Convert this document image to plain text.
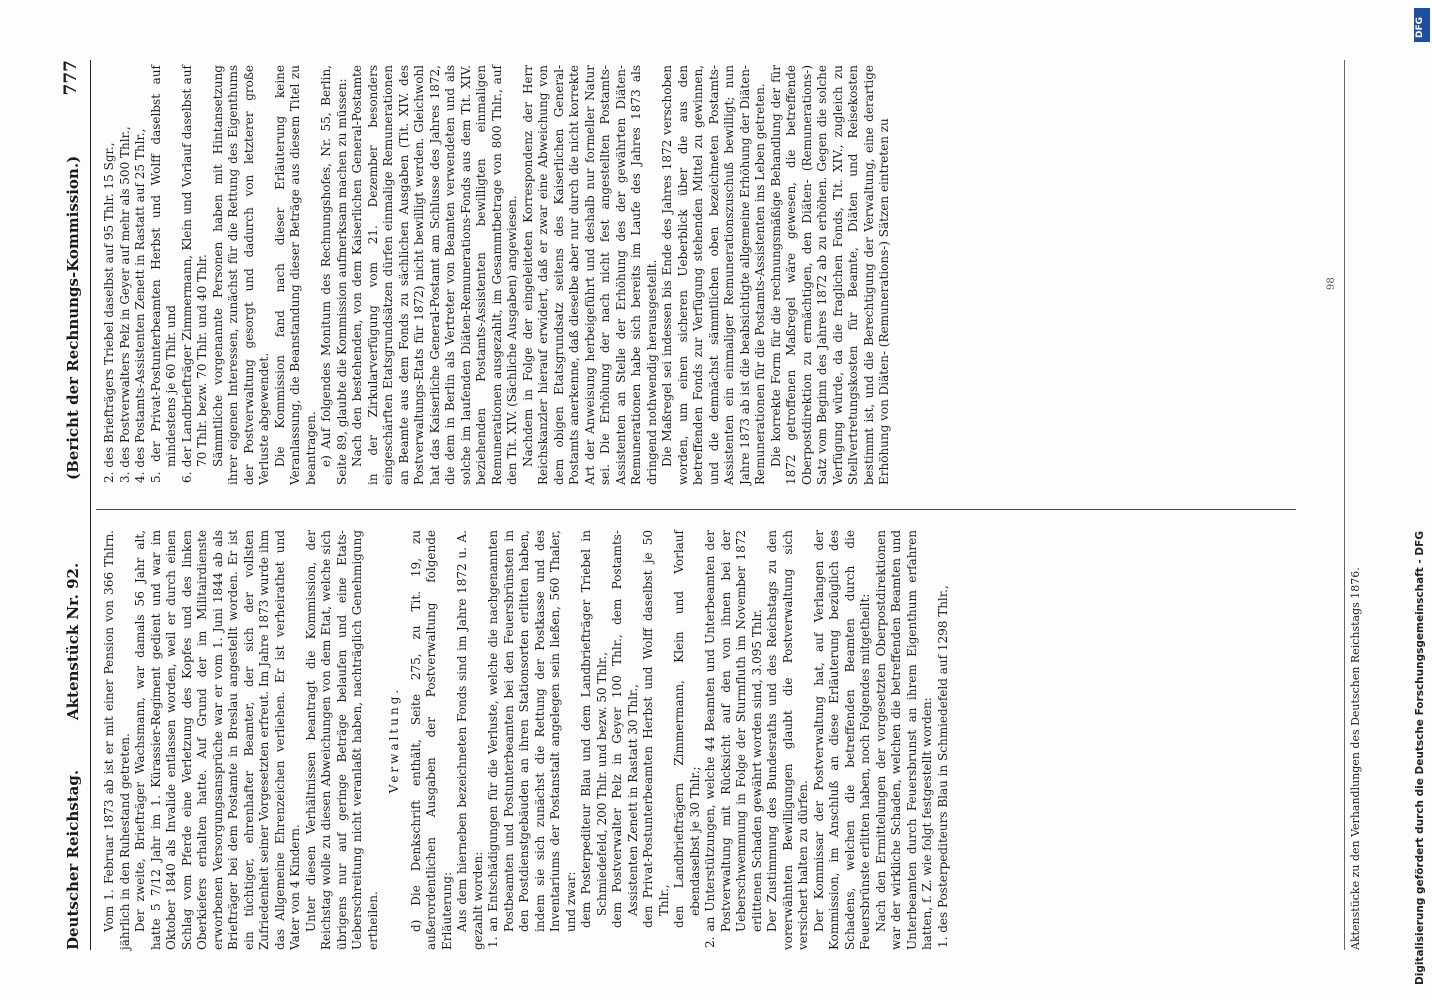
Deutscher Reichstag.
Aktenstück Nr. 92.
(Bericht der Rechnungs-Kommission.)
777

Vom 1. Februar 1873 ab ist er mit einer Pension von 366 Thlrn. jährlich in den Ruhestand getreten. Der zweite, Briefträger Wachsmann, war damals 56 Jahr alt, hatte 5 7/12 Jahr im 1. Kürassier-Regiment gedient und war im Oktober 1840 als Invalide entlassen worden, weil er durch einen Schlag vom Pferde eine Verletzung des Kopfes und des linken Oberkiefers erhalten hatte. Auf Grund der im Militairdienste erworbenen Versorgungsansprüche war er vom 1. Juni 1844 ab als Briefträger bei dem Postamte in Breslau angestellt worden. Er ist ein tüchtiger, ehrenhafter Beamter, der sich der vollsten Zufriedenheit seiner Vorgesetzten erfreut. Im Jahre 1873 wurde ihm das Allgemeine Ehrenzeichen verliehen. Er ist verheirathet und Vater von 4 Kindern. Unter diesen Verhältnissen beantragt die Kommission, der Reichstag wolle zu diesen Abweichungen von dem Etat, welche sich übrigens nur auf geringe Beträge belaufen und eine Etats-Ueberschreitung nicht veranlaßt haben, nachträglich Genehmigung ertheilen.

Verwaltung. d) Die Denkschrift enthält, Seite 275, zu Tit. 19, zu außerordentlichen Ausgaben der Postverwaltung folgende Erläuterung: Aus dem hierneben bezeichneten Fonds sind im Jahre 1872 u. A. gezahlt worden: 1. an Entschädigungen für die Verluste, welche die nachgenannten Postbeamten und Postunterbeamten bei den Feuersbrünsten in den Postdienstgebäuden an ihren Stationsorten erlitten haben, indem sie sich zunächst die Rettung der Postkasse und des Inventariums der Postanstalt angelegen sein ließen, 560 Thaler, und zwar: dem Posterpediteur Blau und dem Landbriefträger Triebel in Schmiedefeld, 200 Thlr. und bezw. 50 Thlr., dem Postverwalter Pelz in Geyer 100 Thlr., dem Postamts-Assistenten Zenett in Rastatt 30 Thlr., den Privat-Postunterbeamten Herbst und Wolff daselbst je 50 Thlr., den Landbriefträgern Zimmermann, Klein und Vorlauf ebendaselbst je 30 Thlr.; 2. an Unterstützungen, welche 44 Beamten und Unterbeamten der Postverwaltung mit Rücksicht auf den von ihnen bei der Ueberschwemmung in Folge der Sturmfluth im November 1872 erlittenen Schaden gewährt worden sind, 3.095 Thlr. Der Zustimmung des Bundesraths und des Reichstags zu den vorerwähnten Bewilligungen glaubt die Postverwaltung sich versichert halten zu dürfen. Der Kommissar der Postverwaltung hat, auf Verlangen der Kommission, im Anschluß an diese Erläuterung bezüglich des Schadens, welchen die betreffenden Beamten durch die Feuersbrünste erlitten haben, noch Folgendes mitgetheilt: Nach den Ermittelungen der vorgesetzten Oberpostdirektionen war der wirkliche Schaden, welchen die betreffenden Beamten und Unterbeamten durch Feuersbrunst an ihrem Eigenthum erfahren hatten, f. Z. wie folgt festgestellt worden: 1. des Posterpediteurs Blau in Schmiedefeld auf 1298 Thlr.,

2. des Briefträgers Triebel daselbst auf 95 Thlr. 15 Sgr., 3. des Postverwalters Pelz in Geyer auf mehr als 500 Thlr., 4. des Postamts-Assistenten Zenett in Rastatt auf 25 Thlr., 5. der Privat-Postunterbeamten Herbst und Wolff daselbst auf mindestens je 60 Thlr. und 6. der Landbriefträger Zimmermann, Klein und Vorlauf daselbst auf 70 Thlr. bezw. 70 Thlr. und 40 Thlr. Sämmtliche vorgenannte Personen haben mit Hintansetzung ihrer eigenen Interessen, zunächst für die Rettung des Eigenthums der Postverwaltung gesorgt und dadurch von letzterer große Verluste abgewendet. Die Kommission fand nach dieser Erläuterung keine Veranlassung, die Beanstandung dieser Beträge aus diesem Titel zu beantragen. e) Auf folgendes Monitum des Rechnungshofes, Nr. 55, Berlin, Seite 89, glaubte die Kommission aufmerksam machen zu müssen: Nach den bestehenden, von dem Kaiserlichen General-Postamte in der Zirkularverfügung vom 21. Dezember besonders eingeschärften Etatsgrundsätzen dürfen einmalige Remunerationen an Beamte aus dem Fonds zu sächlichen Ausgaben (Tit. XIV. des Postverwaltungs-Etats für 1872) nicht bewilligt werden. Gleichwohl hat das Kaiserliche General-Postamt am Schlusse des Jahres 1872, die dem in Berlin als Vertreter von Beamten verwendeten und als solche im laufenden Diäten-Remunerations-Fonds aus dem Tit. XIV. beziehenden Postamts-Assistenten bewilligten einmaligen Remunerationen ausgezahlt, im Gesammtbetrage von 800 Thlr., auf den Tit. XIV. (Sächliche Ausgaben) angewiesen. Nachdem in Folge der eingeleiteten Korrespondenz der Herr Reichskanzler hierauf erwidert, daß er zwar eine Abweichung von dem obigen Etatsgrundsatz seitens des Kaiserlichen General-Postamts anerkenne, daß dieselbe aber nur durch die nicht korrekte Art der Anweisung herbeigeführt und deshalb nur formeller Natur sei. Die Erhöhung der nach nicht fest angestellten Postamts-Assistenten an Stelle der Erhöhung des der gewährten Diäten-Remunerationen habe sich bereits im Laufe des Jahres 1873 als dringend nothwendig herausgestellt. Die Maßregel sei indessen bis Ende des Jahres 1872 verschoben worden, um einen sicheren Ueberblick über die aus den betreffenden Fonds zur Verfügung stehenden Mittel zu gewinnen, und die demnächst sämmtlichen oben bezeichneten Postamts-Assistenten ein einmaliger Remunerationszuschuß bewilligt; nun Jahre 1873 ab ist die beabsichtigte allgemeine Erhöhung der Diäten-Remunerationen für die Postamts-Assistenten ins Leben getreten. Die korrekte Form für die rechnungsmäßige Behandlung der für 1872 getroffenen Maßregel wäre gewesen, die betreffende Oberpostdirektion zu ermächtigen, den Diäten- (Remunerations-) Satz vom Beginn des Jahres 1872 ab zu erhöhen. Gegen die solche Verfügung würde, da die fraglichen Fonds, Tit. XIV., zugleich zu Stellvertretungskosten für Beamte, Diäten und Reisekosten bestimmt ist, und die Berechtigung der Verwaltung, eine derartige Erhöhung von Diäten- (Remunerations-) Sätzen eintreten zu	98
Aktenstücke zu den Verhandlungen des Deutschen Reichstags 1876.	Digitalisierung gefördert durch die Deutsche Forschungsgemeinschaft - DFG
DFG
